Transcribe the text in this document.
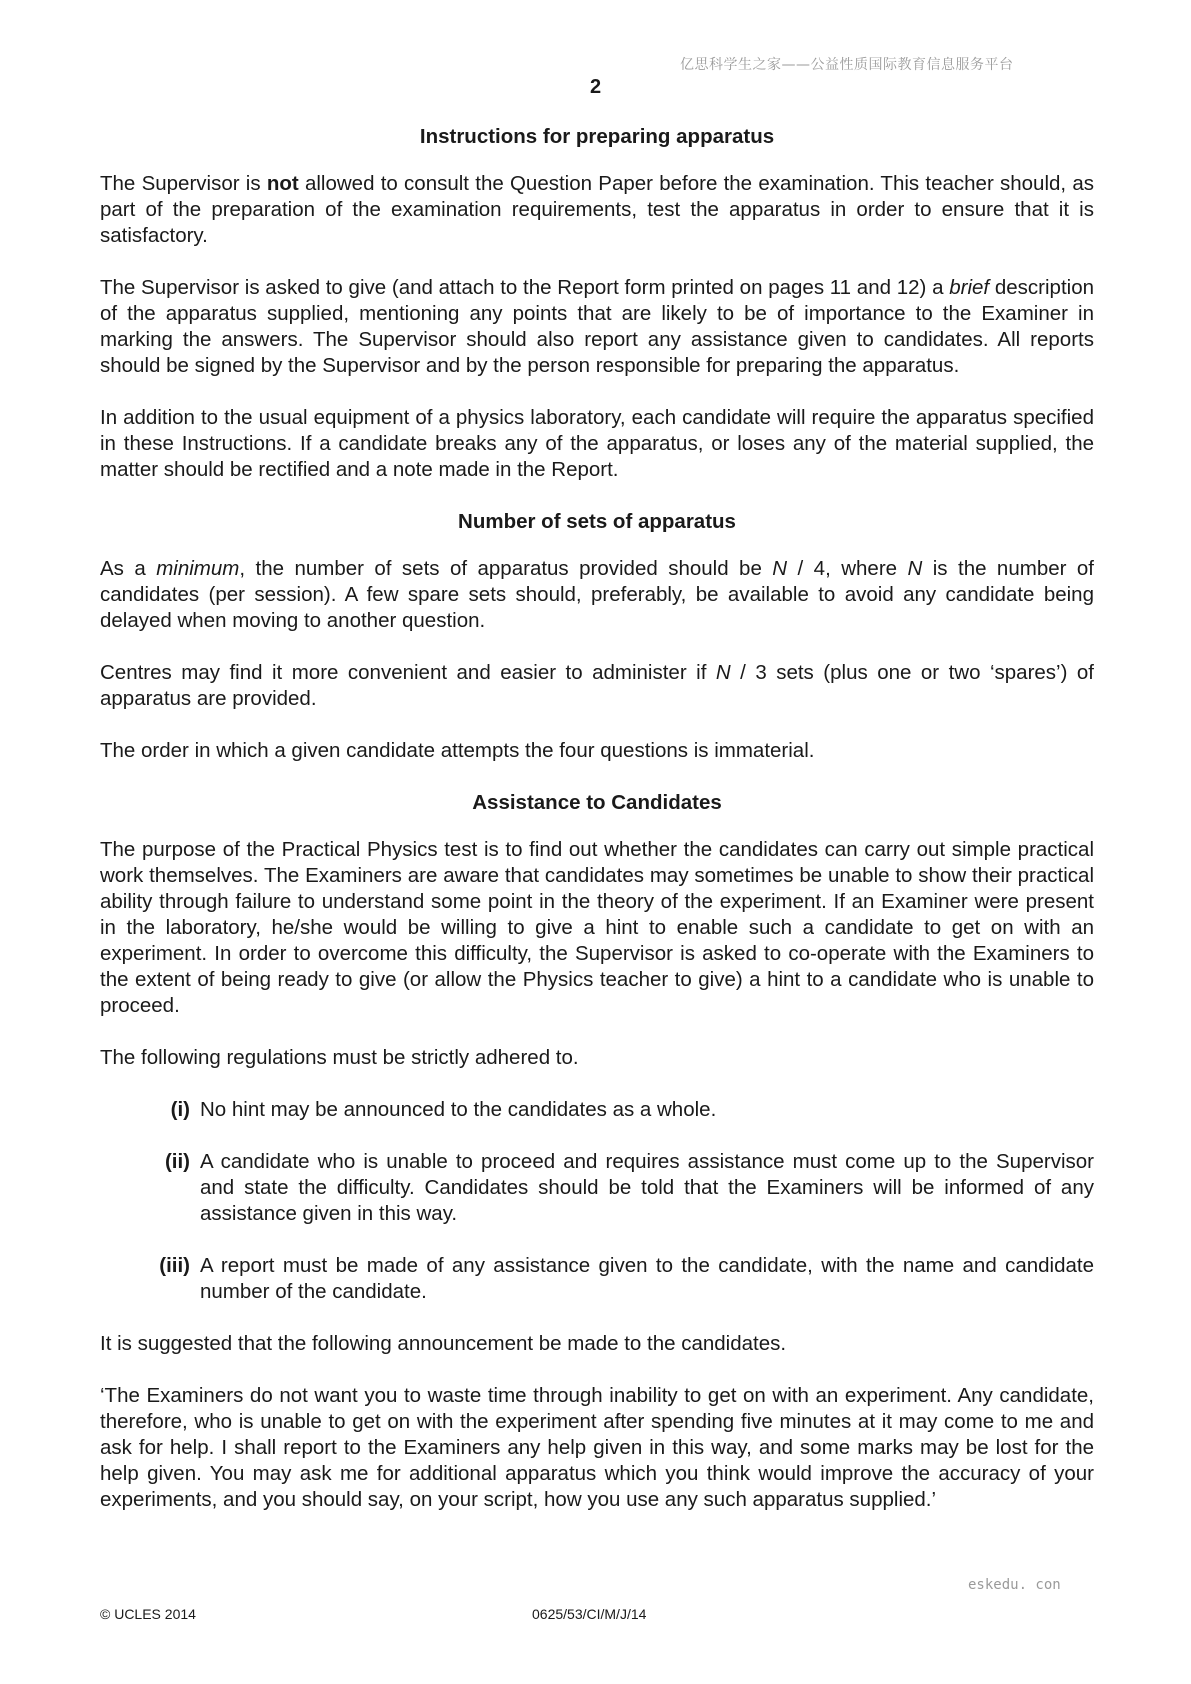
亿思科学生之家——公益性质国际教育信息服务平台
2
Instructions for preparing apparatus

The Supervisor is not allowed to consult the Question Paper before the examination. This teacher should, as part of the preparation of the examination requirements, test the apparatus in order to ensure that it is satisfactory.

The Supervisor is asked to give (and attach to the Report form printed on pages 11 and 12) a brief description of the apparatus supplied, mentioning any points that are likely to be of importance to the Examiner in marking the answers. The Supervisor should also report any assistance given to candidates. All reports should be signed by the Supervisor and by the person responsible for preparing the apparatus.

In addition to the usual equipment of a physics laboratory, each candidate will require the apparatus specified in these Instructions. If a candidate breaks any of the apparatus, or loses any of the material supplied, the matter should be rectified and a note made in the Report.

Number of sets of apparatus

As a minimum, the number of sets of apparatus provided should be N / 4, where N is the number of candidates (per session). A few spare sets should, preferably, be available to avoid any candidate being delayed when moving to another question.

Centres may find it more convenient and easier to administer if N / 3 sets (plus one or two ‘spares’) of apparatus are provided.

The order in which a given candidate attempts the four questions is immaterial.

Assistance to Candidates

The purpose of the Practical Physics test is to find out whether the candidates can carry out simple practical work themselves. The Examiners are aware that candidates may sometimes be unable to show their practical ability through failure to understand some point in the theory of the experiment. If an Examiner were present in the laboratory, he/she would be willing to give a hint to enable such a candidate to get on with an experiment. In order to overcome this difficulty, the Supervisor is asked to co-operate with the Examiners to the extent of being ready to give (or allow the Physics teacher to give) a hint to a candidate who is unable to proceed.

The following regulations must be strictly adhered to.

(i) No hint may be announced to the candidates as a whole.
(ii) A candidate who is unable to proceed and requires assistance must come up to the Supervisor and state the difficulty. Candidates should be told that the Examiners will be informed of any assistance given in this way.
(iii) A report must be made of any assistance given to the candidate, with the name and candidate number of the candidate.

It is suggested that the following announcement be made to the candidates.

‘The Examiners do not want you to waste time through inability to get on with an experiment. Any candidate, therefore, who is unable to get on with the experiment after spending five minutes at it may come to me and ask for help. I shall report to the Examiners any help given in this way, and some marks may be lost for the help given. You may ask me for additional apparatus which you think would improve the accuracy of your experiments, and you should say, on your script, how you use any such apparatus supplied.’

eskedu. con
© UCLES 2014	0625/53/CI/M/J/14
